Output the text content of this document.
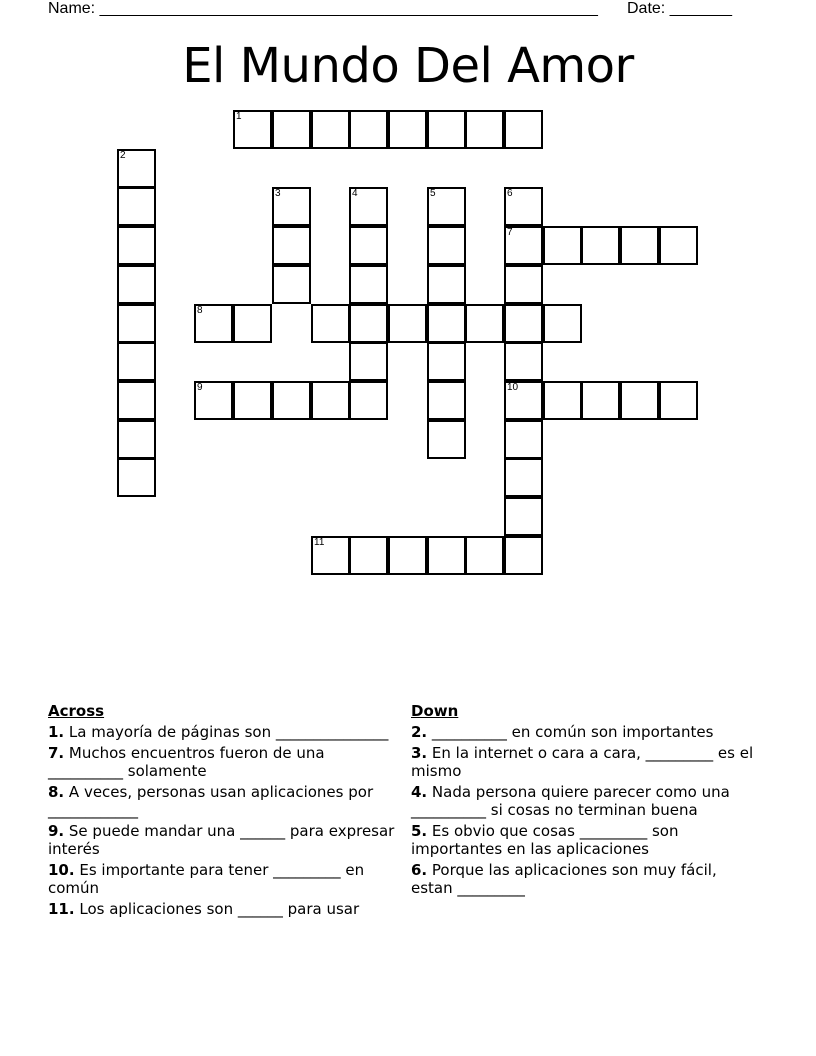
Name: ________________________________________________________ Date: _______
El Mundo Del Amor
1
2
3	4	5	6
7
10
8
9
11
Across
1. La mayoría de páginas son _______________
7. Muchos encuentros fueron de una __________ solamente
8. A veces, personas usan aplicaciones por ____________
9. Se puede mandar una ______ para expresar interés
10. Es importante para tener _________ en común
11. Los aplicaciones son ______ para usar
Down
2. __________ en común son importantes
3. En la internet o cara a cara, _________ es el mismo
4. Nada persona quiere parecer como una __________ si cosas no terminan buena
5. Es obvio que cosas _________ son importantes en las aplicaciones
6. Porque las aplicaciones son muy fácil, estan _________
